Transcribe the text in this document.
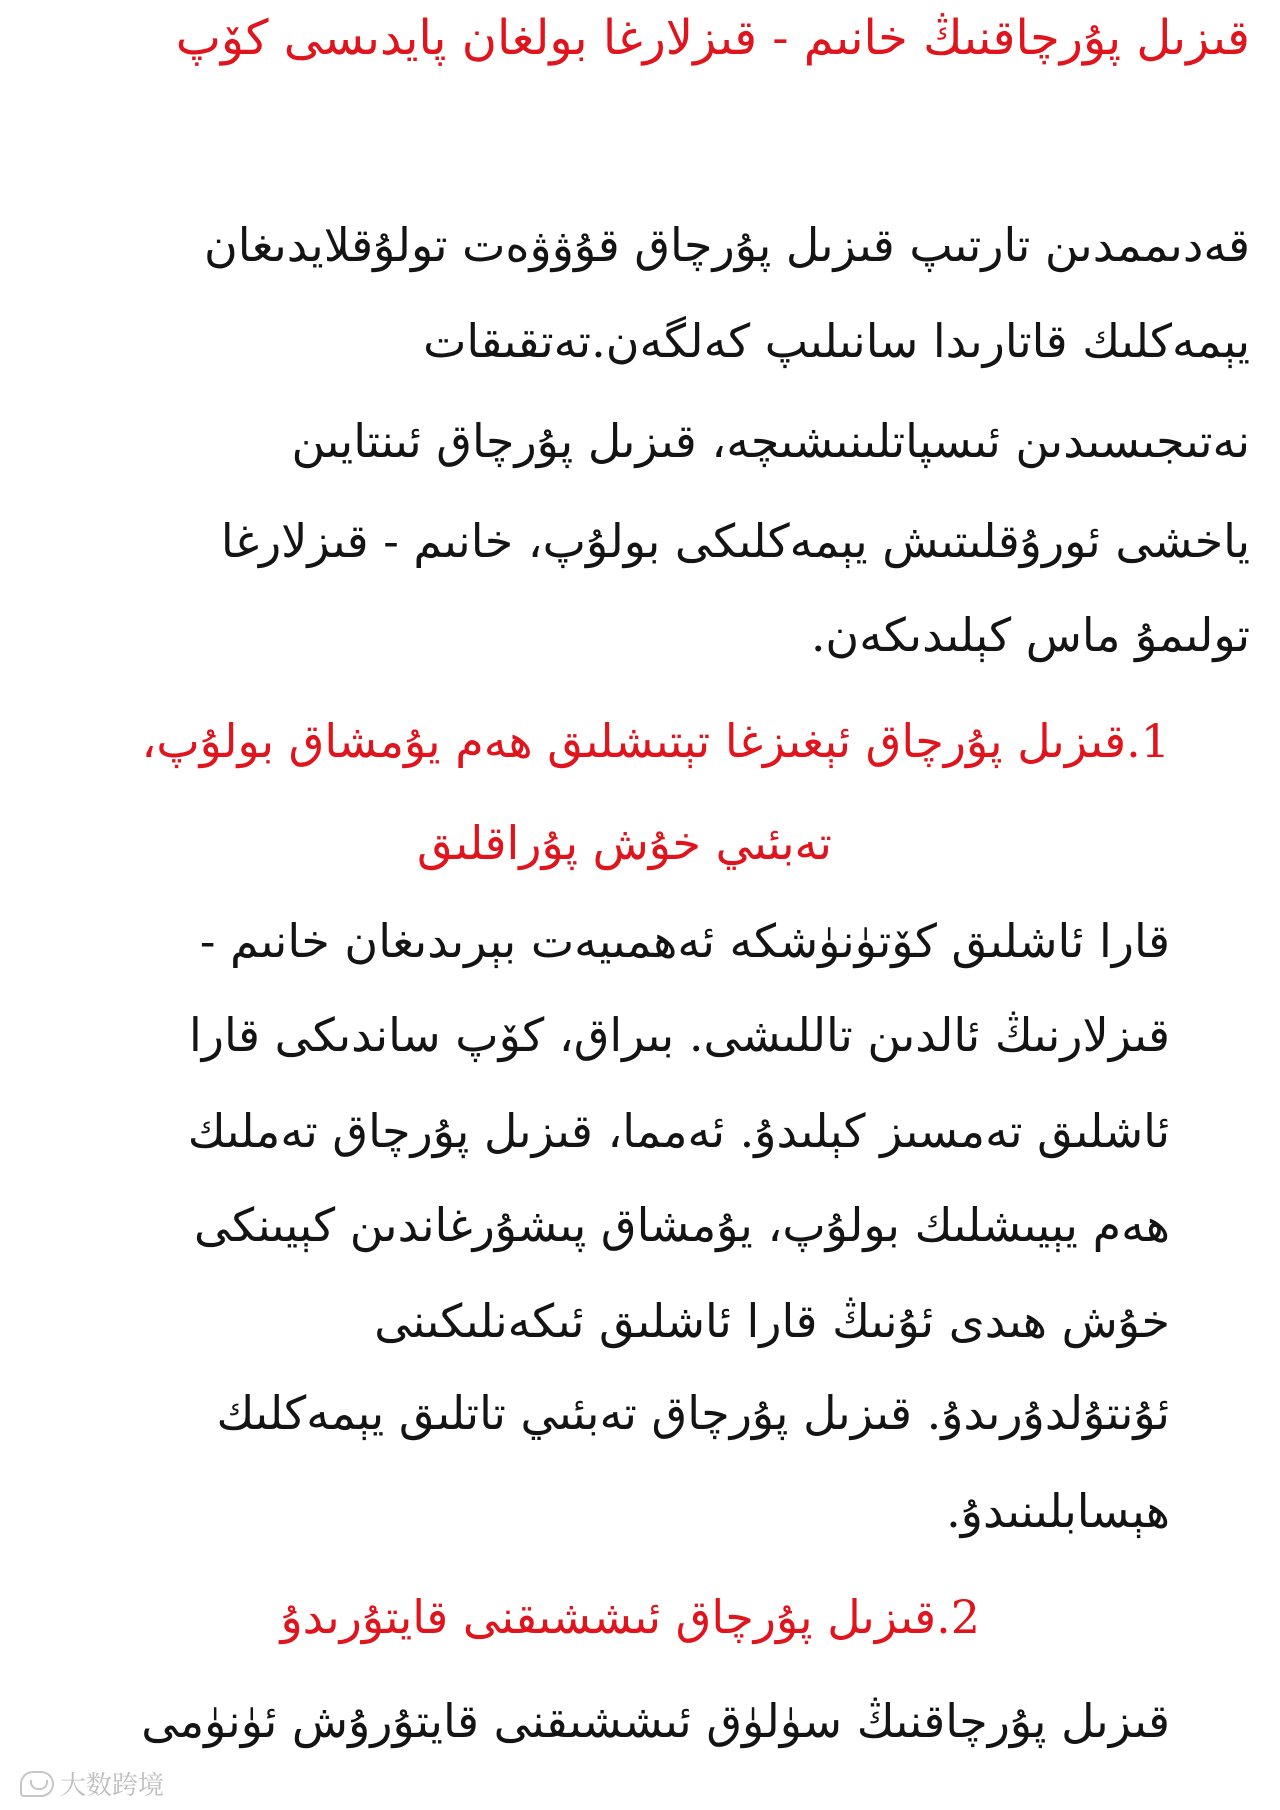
قىزىل پۇرچاقنىڭ خانىم - قىزلارغا بولغان پايدىسى كۆپ
قەدىممدىن تارتىپ قىزىل پۇرچاق قۇۋۋەت تولۇقلايدىغان
يېمەكلىك قاتارىدا سانىلىپ كەلگەن.تەتقىقات
نەتىجىسىدىن ئىسپاتلىنىشىچە، قىزىل پۇرچاق ئىنتايىن
ياخشى ئورۇقلىتىش يېمەكلىكى بولۇپ، خانىم - قىزلارغا
تولىمۇ ماس كېلىدىكەن.
1.قىزىل پۇرچاق ئېغىزغا تېتىشلىق ھەم يۇمشاق بولۇپ،
تەبئىي خۇش پۇراقلىق
قارا ئاشلىق كۆتۈنۈشكە ئەھمىيەت بېرىدىغان خانىم -
قىزلارنىڭ ئالدىن تاللىشى. بىراق، كۆپ ساندىكى قارا
ئاشلىق تەمسىز كېلىدۇ. ئەمما، قىزىل پۇرچاق تەملىك
ھەم يېيىشلىك بولۇپ، يۇمشاق پىشۇرغاندىن كېيىنكى
خۇش ھىدى ئۇنىڭ قارا ئاشلىق ئىكەنلىكىنى
ئۇنتۇلدۇرىدۇ. قىزىل پۇرچاق تەبئىي تاتلىق يېمەكلىك
ھېسابلىنىدۇ.
2.قىزىل پۇرچاق ئىششىقنى قايتۇرىدۇ
قىزىل پۇرچاقنىڭ سۈلۈق ئىششىقنى قايتۇرۇش ئۈنۈمى
大数跨境
